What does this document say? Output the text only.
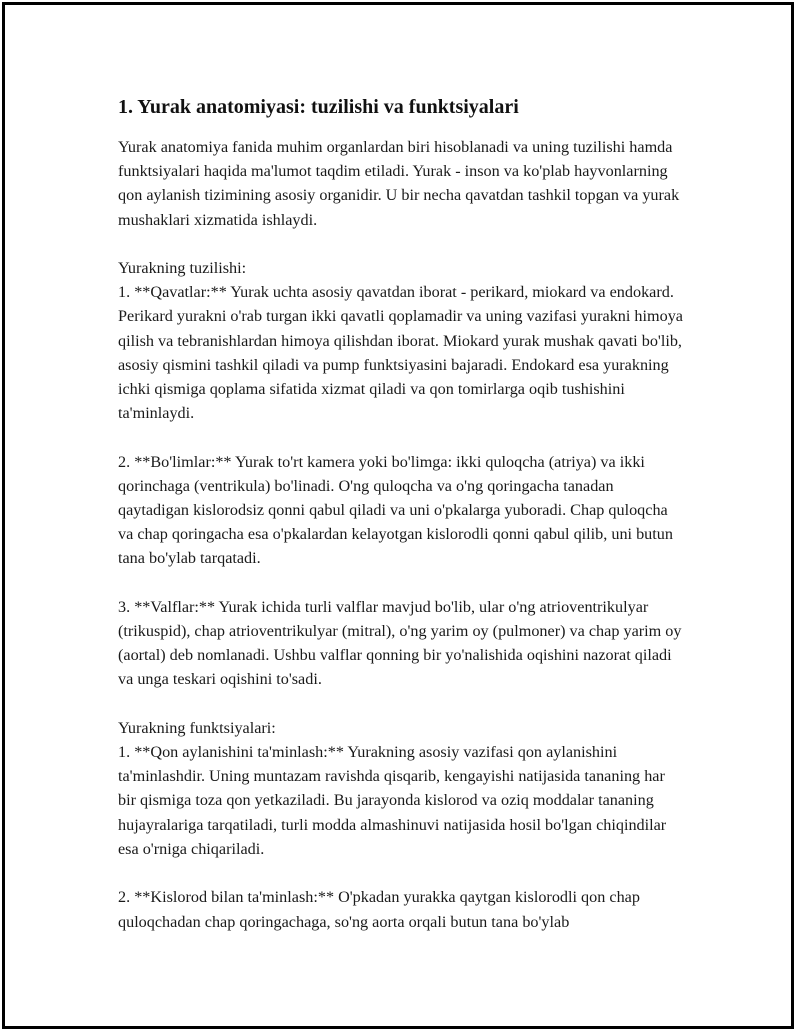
1. Yurak anatomiyasi: tuzilishi va funktsiyalari

Yurak anatomiya fanida muhim organlardan biri hisoblanadi va uning tuzilishi hamda funktsiyalari haqida ma'lumot taqdim etiladi. Yurak - inson va ko'plab hayvonlarning qon aylanish tizimining asosiy organidir. U bir necha qavatdan tashkil topgan va yurak mushaklari xizmatida ishlaydi.

Yurakning tuzilishi:
1. **Qavatlar:** Yurak uchta asosiy qavatdan iborat - perikard, miokard va endokard. Perikard yurakni o'rab turgan ikki qavatli qoplamadir va uning vazifasi yurakni himoya qilish va tebranishlardan himoya qilishdan iborat. Miokard yurak mushak qavati bo'lib, asosiy qismini tashkil qiladi va pump funktsiyasini bajaradi. Endokard esa yurakning ichki qismiga qoplama sifatida xizmat qiladi va qon tomirlarga oqib tushishini ta'minlaydi.

2. **Bo'limlar:** Yurak to'rt kamera yoki bo'limga: ikki quloqcha (atriya) va ikki qorinchaga (ventrikula) bo'linadi. O'ng quloqcha va o'ng qoringacha tanadan qaytadigan kislorodsiz qonni qabul qiladi va uni o'pkalarga yuboradi. Chap quloqcha va chap qoringacha esa o'pkalardan kelayotgan kislorodli qonni qabul qilib, uni butun tana bo'ylab tarqatadi.

3. **Valflar:** Yurak ichida turli valflar mavjud bo'lib, ular o'ng atrioventrikulyar (trikuspid), chap atrioventrikulyar (mitral), o'ng yarim oy (pulmoner) va chap yarim oy (aortal) deb nomlanadi. Ushbu valflar qonning bir yo'nalishida oqishini nazorat qiladi va unga teskari oqishini to'sadi.

Yurakning funktsiyalari:
1. **Qon aylanishini ta'minlash:** Yurakning asosiy vazifasi qon aylanishini ta'minlashdir. Uning muntazam ravishda qisqarib, kengayishi natijasida tananing har bir qismiga toza qon yetkaziladi. Bu jarayonda kislorod va oziq moddalar tananing hujayralariga tarqatiladi, turli modda almashinuvi natijasida hosil bo'lgan chiqindilar esa o'rniga chiqariladi.

2. **Kislorod bilan ta'minlash:** O'pkadan yurakka qaytgan kislorodli qon chap quloqchadan chap qoringachaga, so'ng aorta orqali butun tana bo'ylab
